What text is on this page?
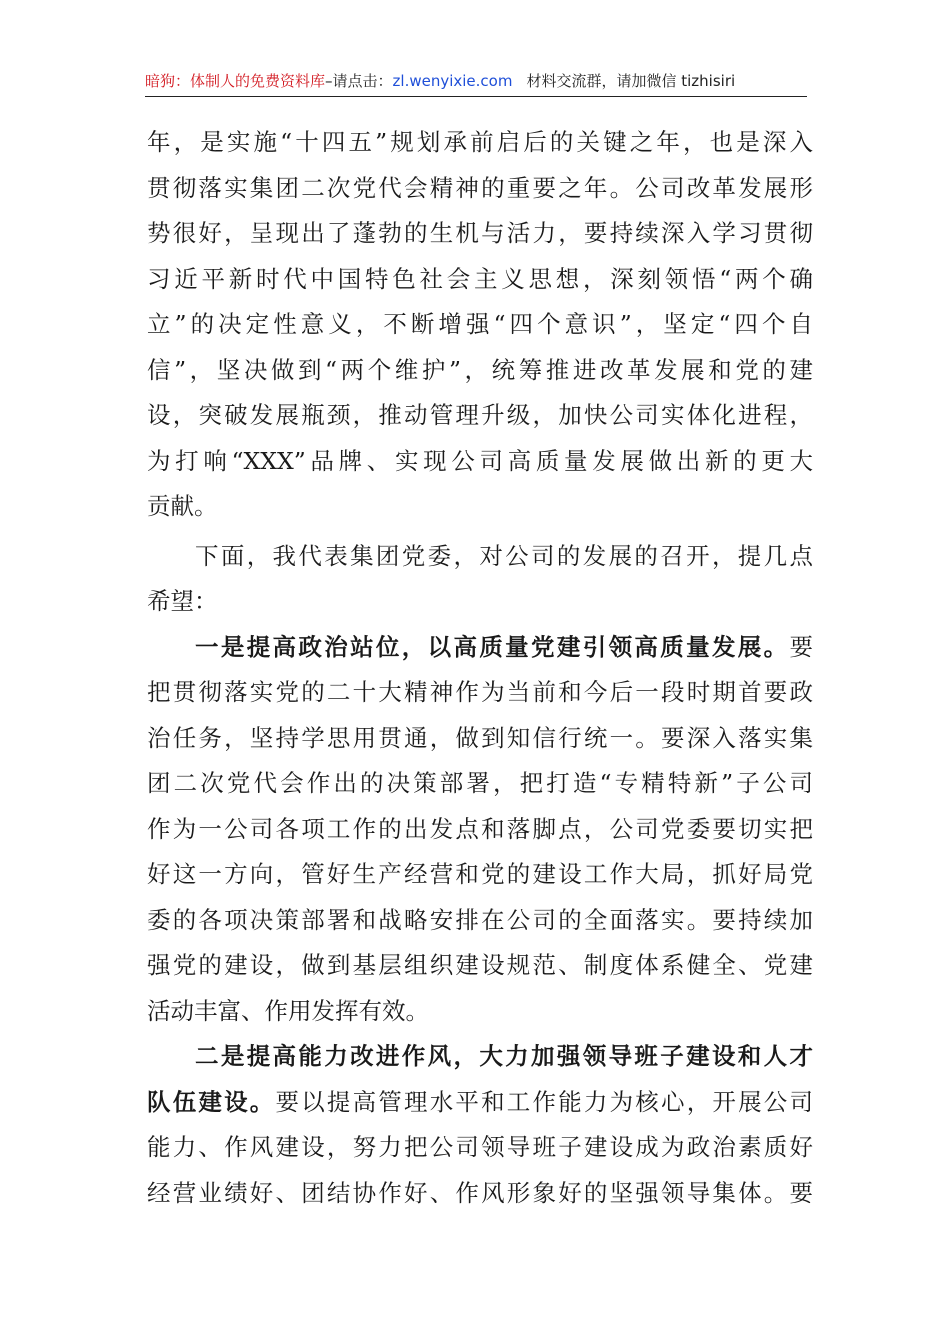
暗狗：体制人的免费资料库–请点击：zl.wenyixie.com 材料交流群，请加微信 tizhisiri
年，是实施“十四五”规划承前启后的关键之年，也是深入
贯彻落实集团二次党代会精神的重要之年。公司改革发展形
势很好，呈现出了蓬勃的生机与活力，要持续深入学习贯彻
习近平新时代中国特色社会主义思想，深刻领悟“两个确
立”的决定性意义，不断增强“四个意识”，坚定“四个自
信”，坚决做到“两个维护”，统筹推进改革发展和党的建
设，突破发展瓶颈，推动管理升级，加快公司实体化进程，
为打响“XXX”品牌、实现公司高质量发展做出新的更大
贡献。
下面，我代表集团党委，对公司的发展的召开，提几点
希望：
一是提高政治站位，以高质量党建引领高质量发展。要
把贯彻落实党的二十大精神作为当前和今后一段时期首要政
治任务，坚持学思用贯通，做到知信行统一。要深入落实集
团二次党代会作出的决策部署，把打造“专精特新”子公司
作为一公司各项工作的出发点和落脚点，公司党委要切实把
好这一方向，管好生产经营和党的建设工作大局，抓好局党
委的各项决策部署和战略安排在公司的全面落实。要持续加
强党的建设，做到基层组织建设规范、制度体系健全、党建
活动丰富、作用发挥有效。
二是提高能力改进作风，大力加强领导班子建设和人才
队伍建设。要以提高管理水平和工作能力为核心，开展公司
能力、作风建设，努力把公司领导班子建设成为政治素质好
经营业绩好、团结协作好、作风形象好的坚强领导集体。要
